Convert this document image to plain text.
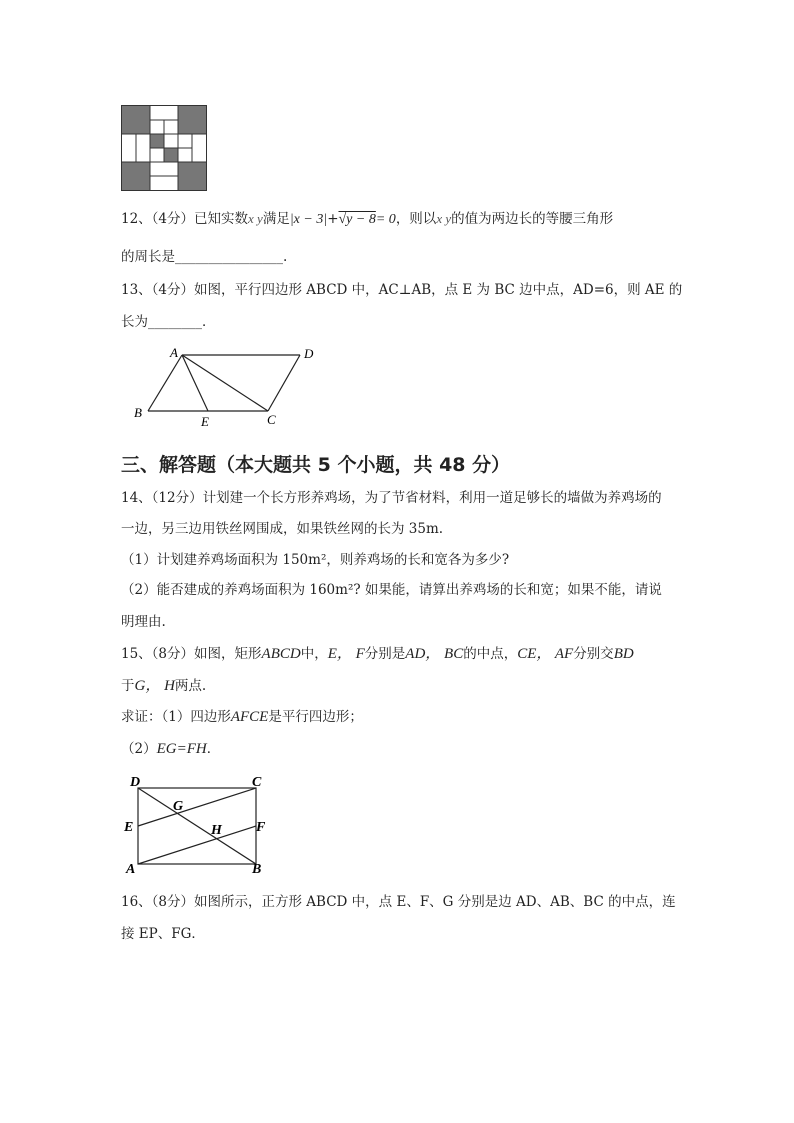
12、（4分）已知实数x y满足|x − 3|+√y − 8= 0，则以x y的值为两边长的等腰三角形
的周长是________________.
13、（4分）如图，平行四边形 ABCD 中，AC⊥AB，点 E 为 BC 边中点，AD=6，则 AE 的
长为________．
A	D
B	C
E
三、解答题（本大题共 5 个小题，共 48 分）
14、（12分）计划建一个长方形养鸡场，为了节省材料，利用一道足够长的墙做为养鸡场的
一边，另三边用铁丝网围成，如果铁丝网的长为 35m.
（1）计划建养鸡场面积为 150m²，则养鸡场的长和宽各为多少?
（2）能否建成的养鸡场面积为 160m²? 如果能，请算出养鸡场的长和宽；如果不能，请说
明理由.
15、（8分）如图，矩形ABCD中，E， F分别是AD， BC的中点，CE， AF分别交BD
于G， H两点.
求证：（1）四边形AFCE是平行四边形；
（2）EG=FH．
D	C
G
E	H F
A	B
16、（8分）如图所示，正方形 ABCD 中，点 E、F、G 分别是边 AD、AB、BC 的中点，连
接 EP、FG．
